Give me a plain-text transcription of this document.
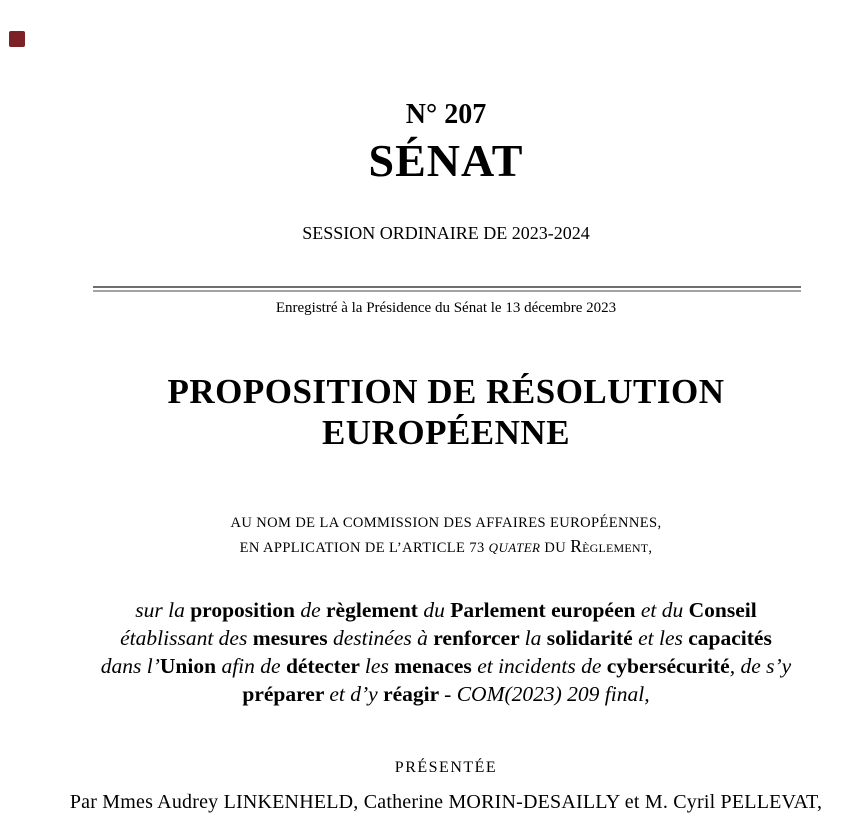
N° 207
SÉNAT
SESSION ORDINAIRE DE 2023-2024
Enregistré à la Présidence du Sénat le 13 décembre 2023
PROPOSITION DE RÉSOLUTION
EUROPÉENNE
AU NOM DE LA COMMISSION DES AFFAIRES EUROPÉENNES,
EN APPLICATION DE L’ARTICLE 73 QUATER DU Règlement,
sur la proposition de règlement du Parlement européen et du Conseil
établissant des mesures destinées à renforcer la solidarité et les capacités
dans l’Union afin de détecter les menaces et incidents de cybersécurité, de s’y
préparer et d’y réagir - COM(2023) 209 final,
PRÉSENTÉE
Par Mmes Audrey LINKENHELD, Catherine MORIN-DESAILLY et M. Cyril PELLEVAT,
